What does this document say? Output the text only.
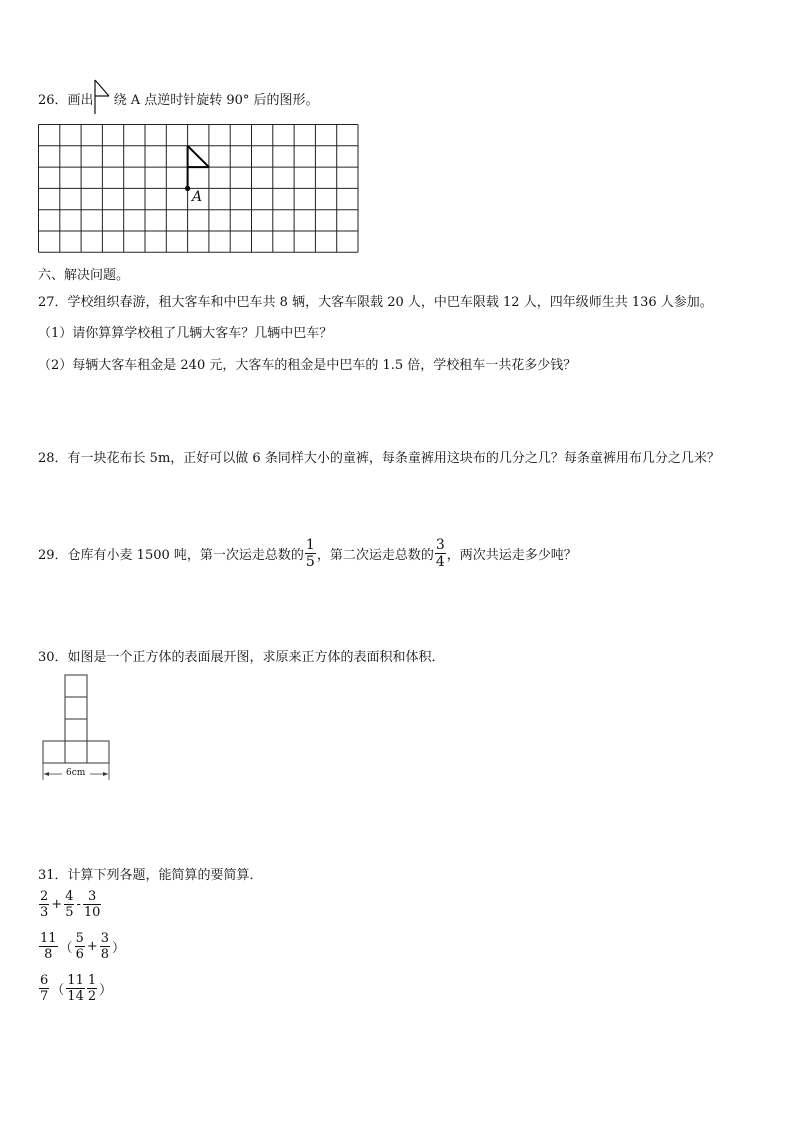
26．画出 绕 A 点逆时针旋转 90° 后的图形。
A
六、解决问题。
27．学校组织春游，租大客车和中巴车共 8 辆，大客车限载 20 人，中巴车限载 12 人，四年级师生共 136 人参加。
（1）请你算算学校租了几辆大客车？几辆中巴车？
（2）每辆大客车租金是 240 元，大客车的租金是中巴车的 1.5 倍，学校租车一共花多少钱？
28．有一块花布长 5m，正好可以做 6 条同样大小的童裤，每条童裤用这块布的几分之几？每条童裤用布几分之几米？
29． 仓库有小麦 1500 吨，第一次运走总数的 $\frac{1}{5}$ ，第二次运走总数的 $\frac{3}{4}$ ，两次共运走多少吨？
30．如图是一个正方体的表面展开图，求原来正方体的表面积和体积．
6cm
31．计算下列各题，能简算的要简算．
$\frac{2}{3} + \frac{4}{5} - \frac{3}{10}$
$\frac{11}{8}$ （ $\frac{5}{6} + \frac{3}{8}$ ）
$\frac{6}{7}$ （ $\frac{11}{14} \frac{1}{2}$ ）
